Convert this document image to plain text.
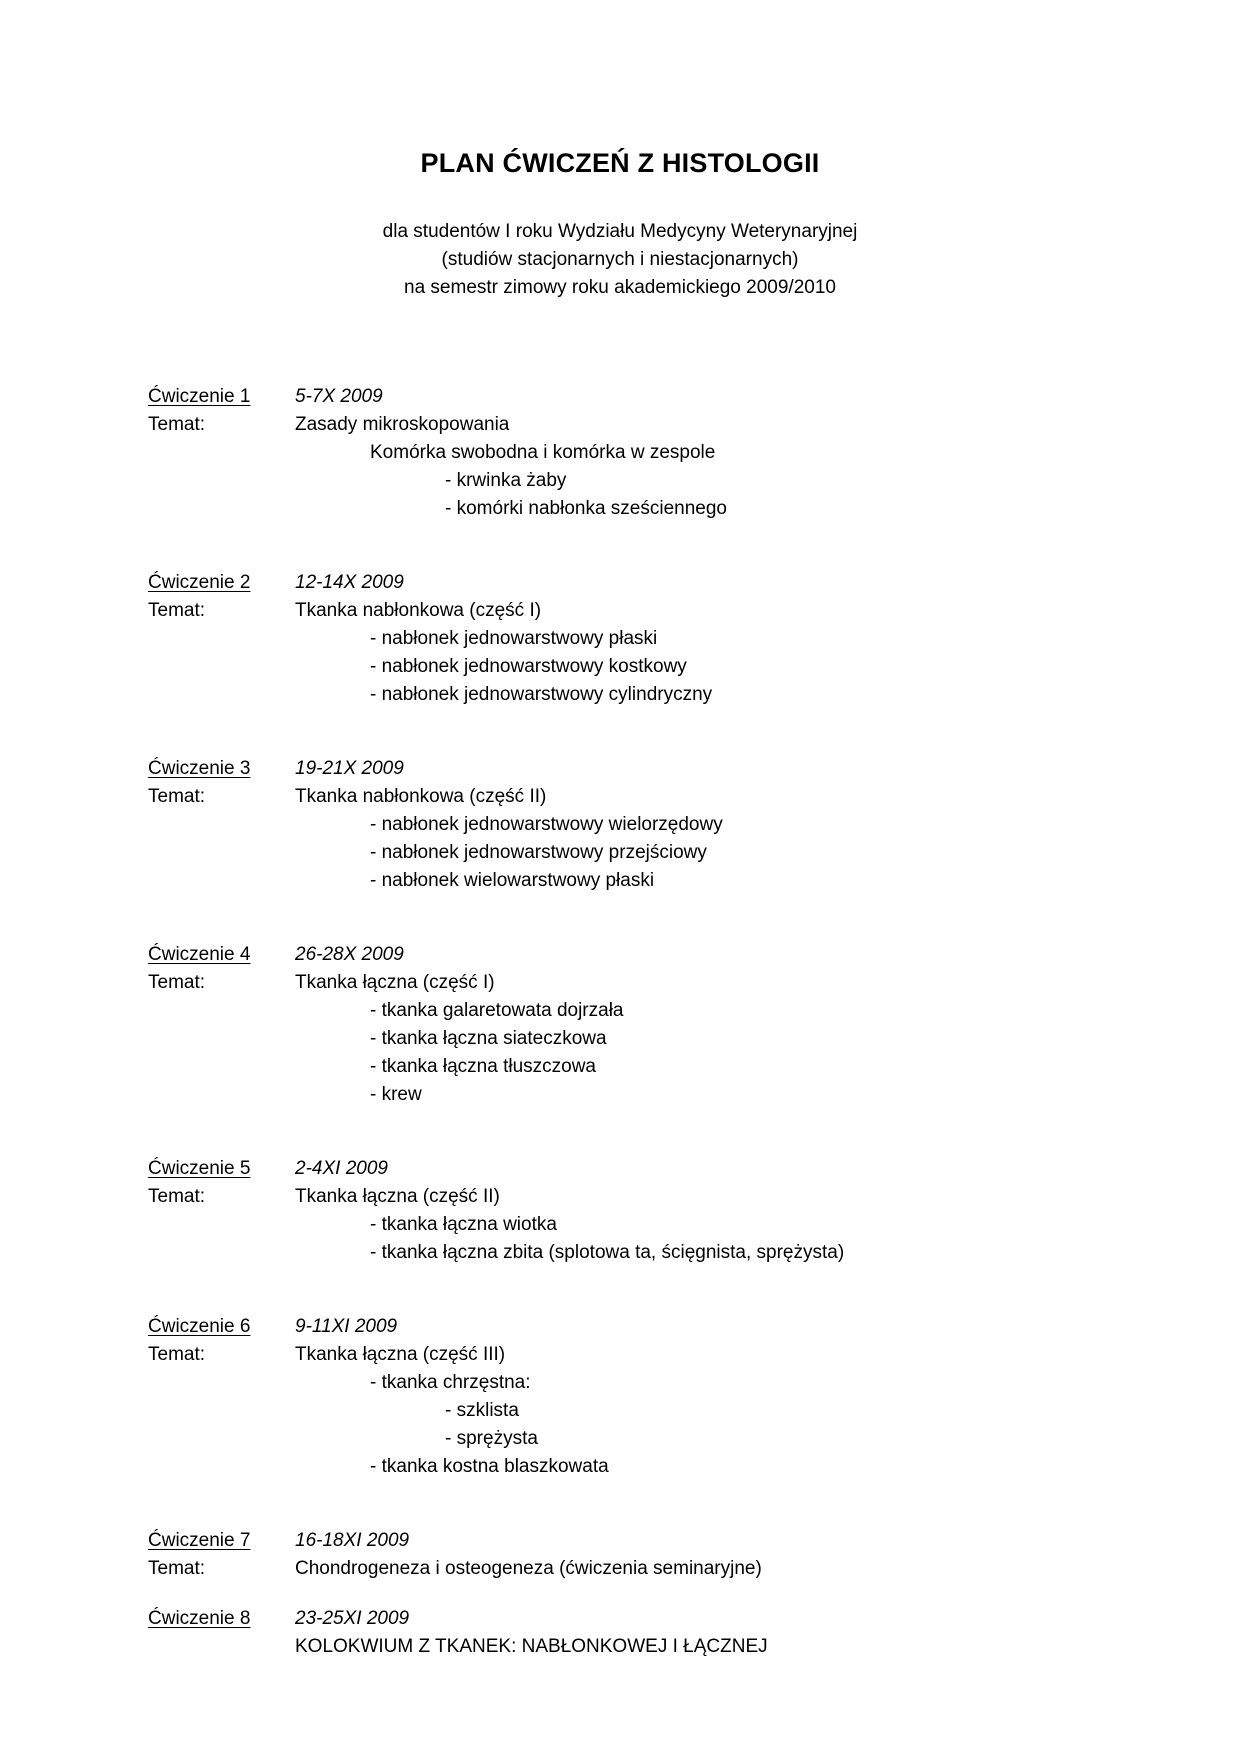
PLAN ĆWICZEŃ Z HISTOLOGII
dla studentów I roku Wydziału Medycyny Weterynaryjnej
(studiów stacjonarnych i niestacjonarnych)
na semestr zimowy roku akademickiego 2009/2010
Ćwiczenie 1	5-7X 2009
Temat:	Zasady mikroskopowania
Komórka swobodna i komórka w zespole
- krwinka żaby
- komórki nabłonka sześciennego
Ćwiczenie 2	12-14X 2009
Temat:	Tkanka nabłonkowa (część I)
- nabłonek jednowarstwowy płaski
- nabłonek jednowarstwowy kostkowy
- nabłonek jednowarstwowy cylindryczny
Ćwiczenie 3	19-21X 2009
Temat:	Tkanka nabłonkowa (część II)
- nabłonek jednowarstwowy wielorzędowy
- nabłonek jednowarstwowy przejściowy
- nabłonek wielowarstwowy płaski
Ćwiczenie 4	26-28X 2009
Temat:	Tkanka łączna (część I)
- tkanka galaretowata dojrzała
- tkanka łączna siateczkowa
- tkanka łączna tłuszczowa
- krew
Ćwiczenie 5	2-4XI 2009
Temat:	Tkanka łączna (część II)
- tkanka łączna wiotka
- tkanka łączna zbita (splotowa ta, ścięgnista, sprężysta)
Ćwiczenie 6	9-11XI 2009
Temat:	Tkanka łączna (część III)
- tkanka chrzęstna:
- szklista
- sprężysta
- tkanka kostna blaszkowata
Ćwiczenie 7	16-18XI 2009
Temat:	Chondrogeneza i osteogeneza (ćwiczenia seminaryjne)
Ćwiczenie 8	23-25XI 2009
KOLOKWIUM Z TKANEK: NABŁONKOWEJ I ŁĄCZNEJ
